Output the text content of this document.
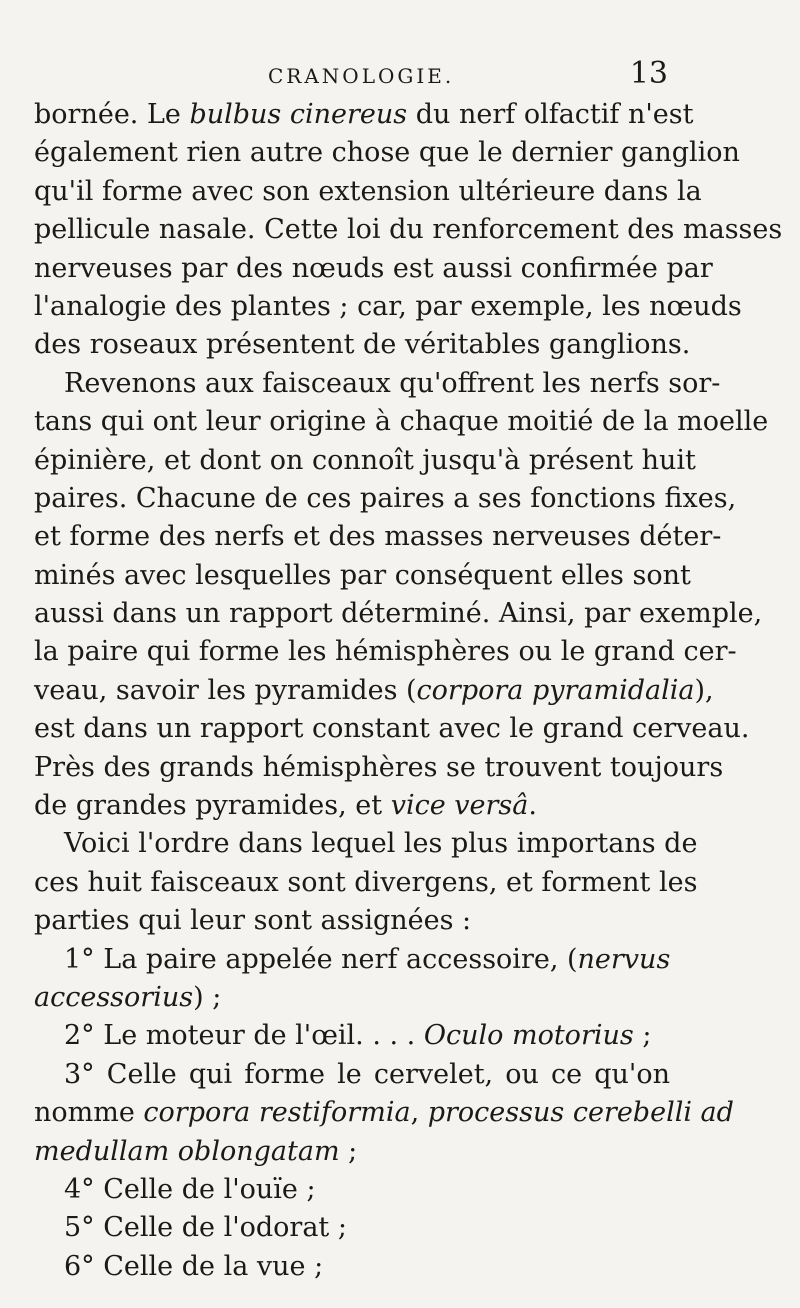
CRANOLOGIE.	13
bornée. Le bulbus cinereus du nerf olfactif n'est
également rien autre chose que le dernier ganglion
qu'il forme avec son extension ultérieure dans la
pellicule nasale. Cette loi du renforcement des masses
nerveuses par des nœuds est aussi confirmée par
l'analogie des plantes ; car, par exemple, les nœuds
des roseaux présentent de véritables ganglions.
Revenons aux faisceaux qu'offrent les nerfs sor-
tans qui ont leur origine à chaque moitié de la moelle
épinière, et dont on connoît jusqu'à présent huit
paires. Chacune de ces paires a ses fonctions fixes,
et forme des nerfs et des masses nerveuses déter-
minés avec lesquelles par conséquent elles sont
aussi dans un rapport déterminé. Ainsi, par exemple,
la paire qui forme les hémisphères ou le grand cer-
veau, savoir les pyramides (corpora pyramidalia),
est dans un rapport constant avec le grand cerveau.
Près des grands hémisphères se trouvent toujours
de grandes pyramides, et vice versâ.
Voici l'ordre dans lequel les plus importans de
ces huit faisceaux sont divergens, et forment les
parties qui leur sont assignées :
1° La paire appelée nerf accessoire, (nervus
accessorius) ;
2° Le moteur de l'œil. . . . Oculo motorius ;
3° Celle qui forme le cervelet, ou ce qu'on
nomme corpora restiformia, processus cerebelli ad
medullam oblongatam ;
4° Celle de l'ouïe ;
5° Celle de l'odorat ;
6° Celle de la vue ;
